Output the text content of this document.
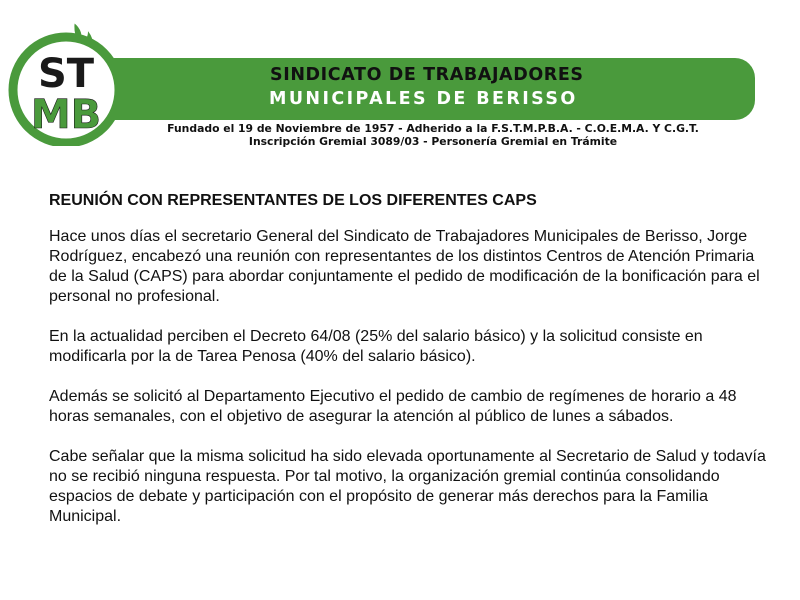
ST
MB
SINDICATO DE TRABAJADORES
MUNICIPALES DE BERISSO
Fundado el 19 de Noviembre de 1957 - Adherido a la F.S.T.M.P.B.A. - C.O.E.M.A. Y C.G.T.
Inscripción Gremial 3089/03 - Personería Gremial en Trámite
REUNIÓN CON REPRESENTANTES DE LOS DIFERENTES CAPS

Hace unos días el secretario General del Sindicato de Trabajadores Municipales de Berisso, Jorge Rodríguez, encabezó una reunión con representantes de los distintos Centros de Atención Primaria de la Salud (CAPS) para abordar conjuntamente el pedido de modificación de la bonificación para el personal no profesional.

En la actualidad perciben el Decreto 64/08 (25% del salario básico) y la solicitud consiste en modificarla por la de Tarea Penosa (40% del salario básico).

Además se solicitó al Departamento Ejecutivo el pedido de cambio de regímenes de horario a 48 horas semanales, con el objetivo de asegurar la atención al público de lunes a sábados.

Cabe señalar que la misma solicitud ha sido elevada oportunamente al Secretario de Salud y todavía no se recibió ninguna respuesta. Por tal motivo, la organización gremial continúa consolidando espacios de debate y participación con el propósito de generar más derechos para la Familia Municipal.
